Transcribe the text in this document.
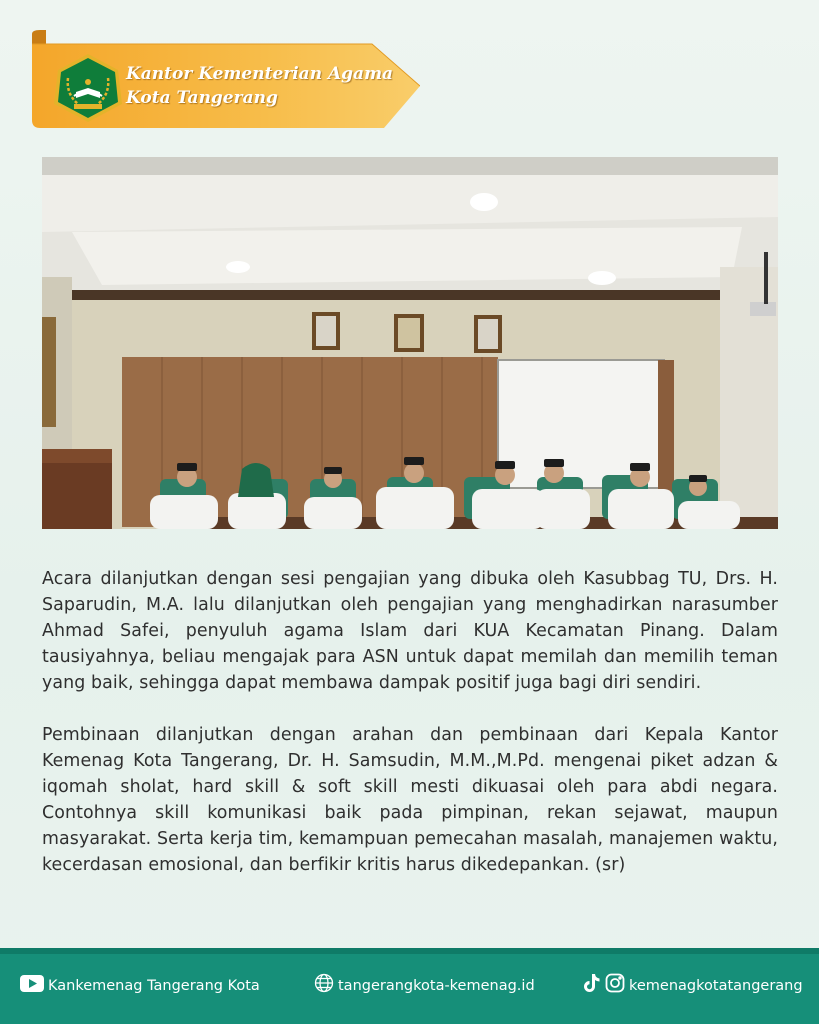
Kantor Kementerian Agama
Kota Tangerang

Acara dilanjutkan dengan sesi pengajian yang dibuka oleh Kasubbag TU, Drs. H. Saparudin, M.A. lalu dilanjutkan oleh pengajian yang menghadirkan narasumber Ahmad Safei, penyuluh agama Islam dari KUA Kecamatan Pinang. Dalam tausiyahnya, beliau mengajak para ASN untuk dapat memilah dan memilih teman yang baik, sehingga dapat membawa dampak positif juga bagi diri sendiri.

Pembinaan dilanjutkan dengan arahan dan pembinaan dari Kepala Kantor Kemenag Kota Tangerang, Dr. H. Samsudin, M.M.,M.Pd. mengenai piket adzan & iqomah sholat, hard skill & soft skill mesti dikuasai oleh para abdi negara. Contohnya skill komunikasi baik pada pimpinan, rekan sejawat, maupun masyarakat. Serta kerja tim, kemampuan pemecahan masalah, manajemen waktu, kecerdasan emosional, dan berfikir kritis harus dikedepankan. (sr)

Kankemenag Tangerang Kota	tangerangkota-kemenag.id	kemenagkotatangerang
